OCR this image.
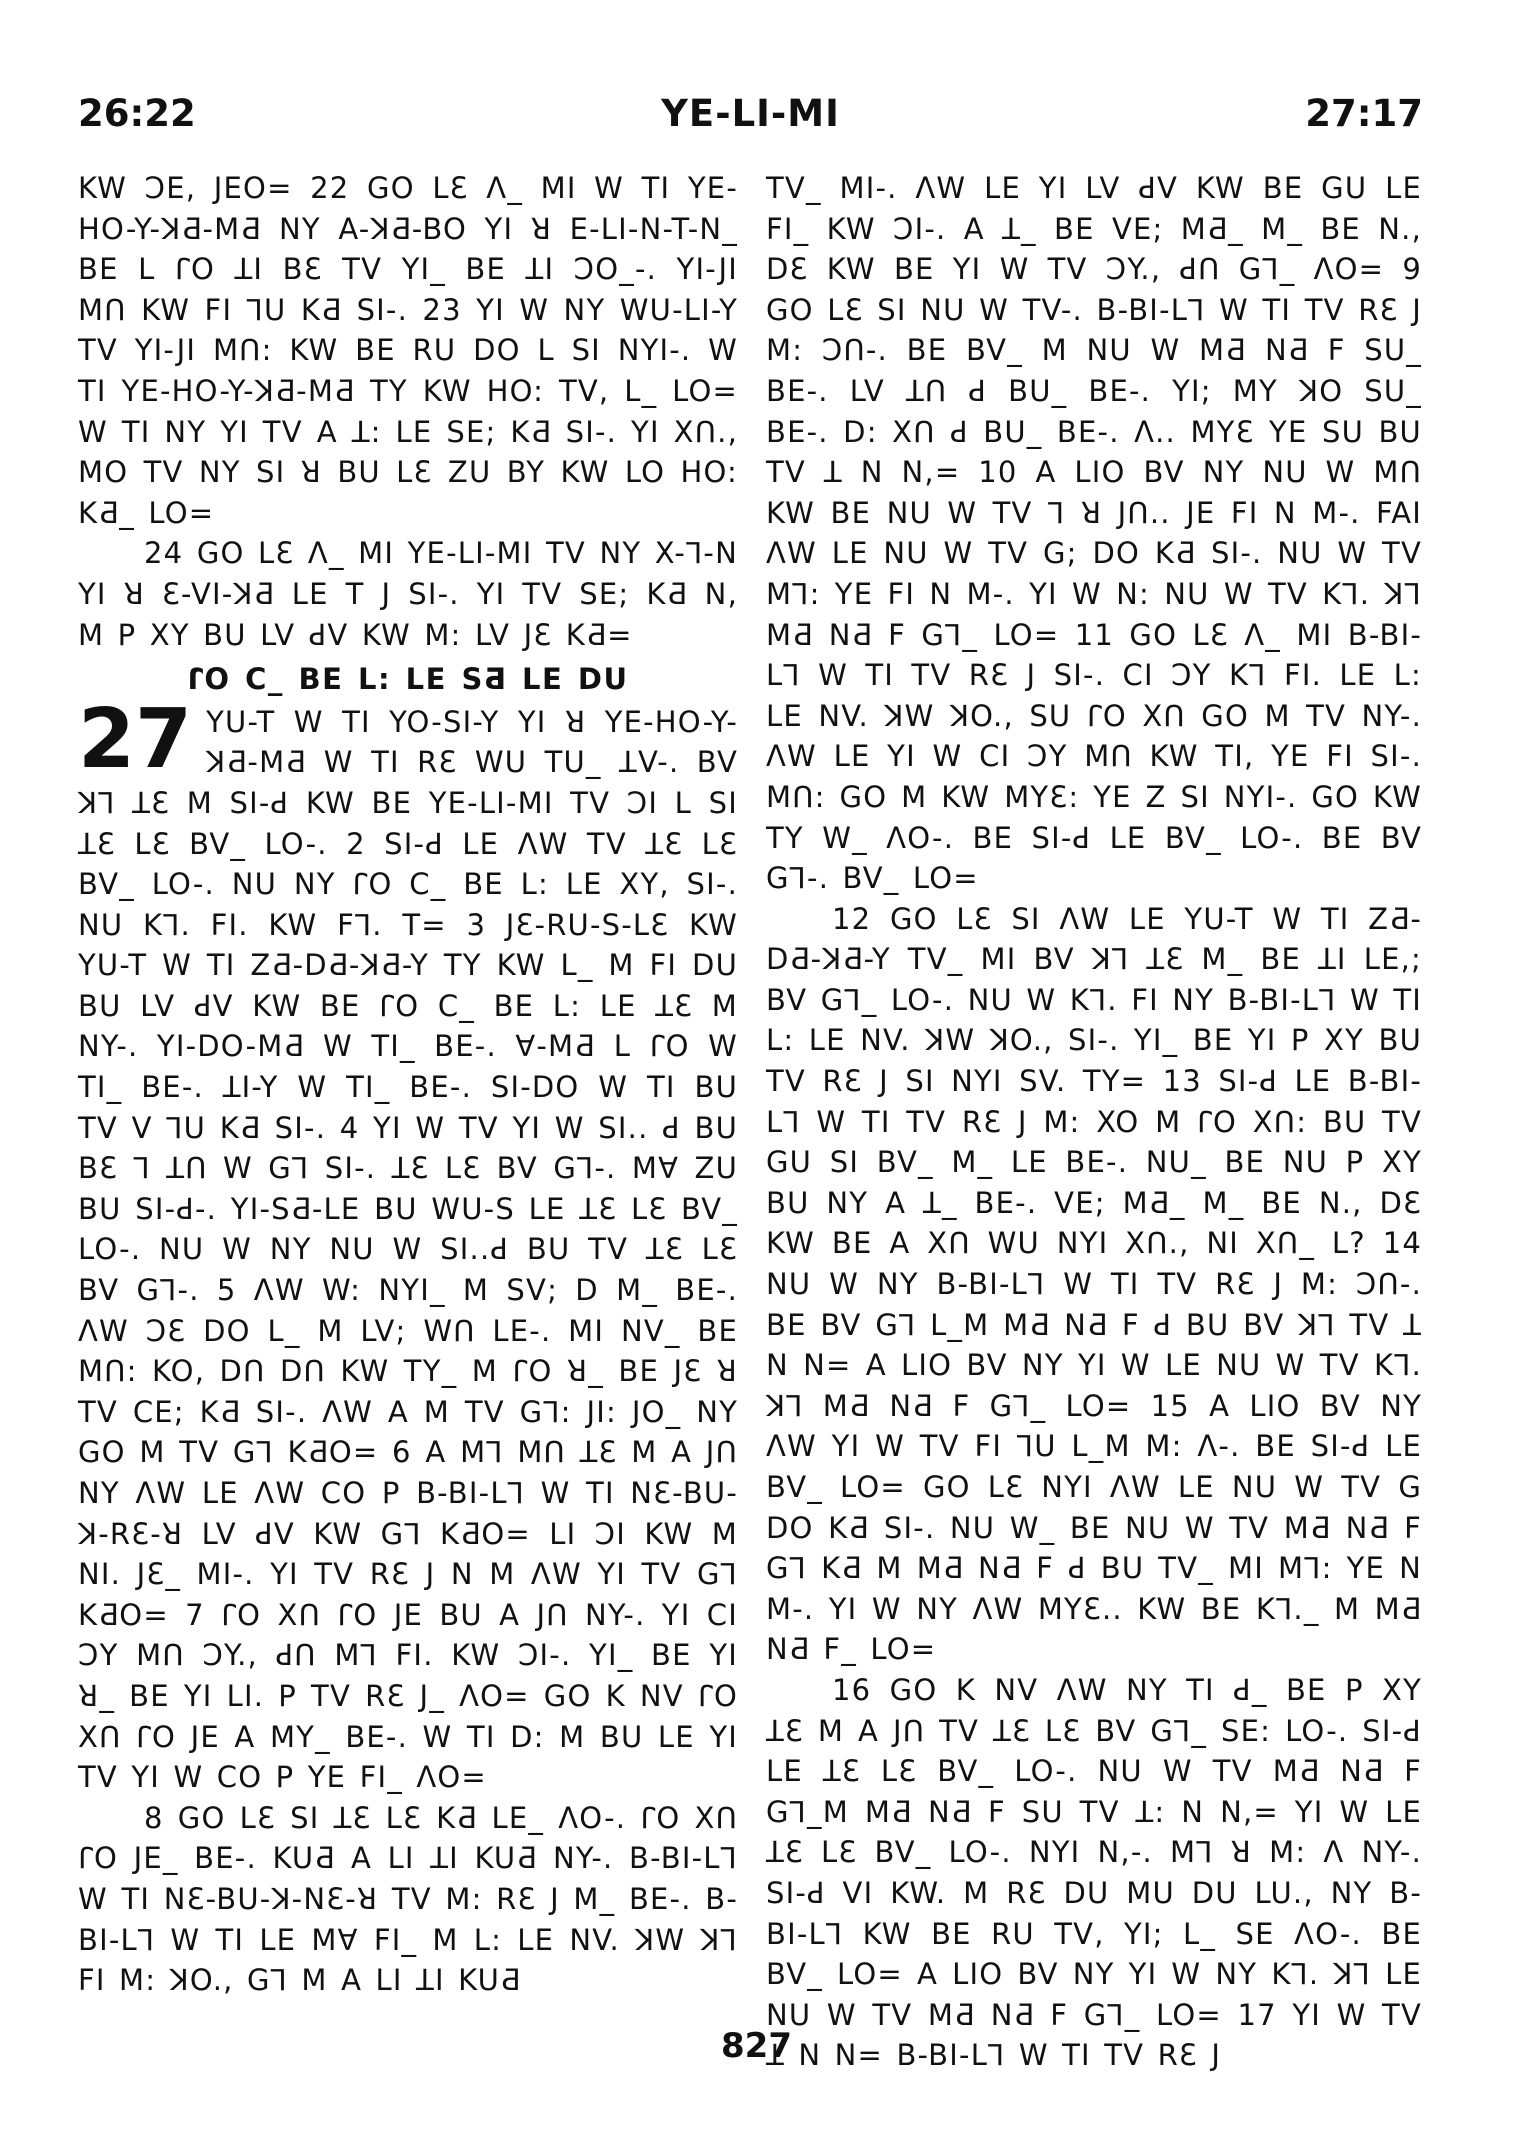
26:22	YE-LI-MI	27:17

KW ƆE, JEO= 22 GO LƐ Λ_ MI W TI YE-HO-Y-ꓘƋ-MƋ NY A-ꓘƋ-BO YI ꓤ E-LI-N-T-N_ BE L ꓩO ꓕI BƐ TV YI_ BE ꓕI ƆO_-. YI-JI Mꓵ KW FI ꓶU KƋ SI-. 23 YI W NY WU-LI-Y TV YI-JI Mꓵ: KW BE RU DO L SI NYI-. W TI YE-HO-Y-ꓘƋ-MƋ TY KW HO: TV, L_ LO= W TI NY YI TV A ꓕ: LE SE; KƋ SI-. YI Xꓵ., MO TV NY SI ꓤ BU LƐ ZU BY KW LO HO: KƋ_ LO=

24 GO LƐ Λ_ MI YE-LI-MI TV NY X-ꓶ-N YI ꓤ Ɛ-VI-ꓘƋ LE T J SI-. YI TV SE; KƋ N, M P XY BU LV ꓒV KW M: LV JƐ KƋ=

ꓩO C_ BE L: LE SƋ LE DU

27 YU-T W TI YO-SI-Y YI ꓤ YE-HO-Y-ꓘƋ-MƋ W TI RƐ WU TU_ ꓕV-. BV ꓘꓶ ꓕƐ M SI-ꓒ KW BE YE-LI-MI TV ƆI L SI ꓕƐ LƐ BV_ LO-. 2 SI-ꓒ LE ΛW TV ꓕƐ LƐ BV_ LO-. NU NY ꓩO C_ BE L: LE XY, SI-. NU Kꓶ. FI. KW Fꓶ. T= 3 JƐ-RU-S-LƐ KW YU-T W TI ZƋ-DƋ-ꓘƋ-Y TY KW L_ M FI DU BU LV ꓒV KW BE ꓩO C_ BE L: LE ꓕƐ M NY-. YI-DO-MƋ W TI_ BE-. ∀-MƋ L ꓩO W TI_ BE-. ꓕI-Y W TI_ BE-. SI-DO W TI BU TV V ꓶU KƋ SI-. 4 YI W TV YI W SI.. ꓒ BU BƐ ꓶ ꓕꓵ W Gꓶ SI-. ꓕƐ LƐ BV Gꓶ-. M∀ ZU BU SI-ꓒ-. YI-SƋ-LE BU WU-S LE ꓕƐ LƐ BV_ LO-. NU W NY NU W SI..ꓒ BU TV ꓕƐ LƐ BV Gꓶ-. 5 ΛW W: NYI_ M SV; D M_ BE-. ΛW ƆƐ DO L_ M LV; Wꓵ LE-. MI NV_ BE Mꓵ: KO, Dꓵ Dꓵ KW TY_ M ꓩO ꓤ_ BE JƐ ꓤ TV CE; KƋ SI-. ΛW A M TV Gꓶ: JI: JO_ NY GO M TV Gꓶ KƋO= 6 A Mꓶ Mꓵ ꓕƐ M A Jꓵ NY ΛW LE ΛW CO P B-BI-Lꓶ W TI NƐ-BU-ꓘ-RƐ-ꓤ LV ꓒV KW Gꓶ KƋO= LI ƆI KW M NI. JƐ_ MI-. YI TV RƐ J N M ΛW YI TV Gꓶ KƋO= 7 ꓩO Xꓵ ꓩO JE BU A Jꓵ NY-. YI CI ƆY Mꓵ ƆY., ꓒꓵ Mꓶ FI. KW ƆI-. YI_ BE YI ꓤ_ BE YI LI. P TV RƐ J_ ΛO= GO K NV ꓩO Xꓵ ꓩO JE A MY_ BE-. W TI D: M BU LE YI TV YI W CO P YE FI_ ΛO=

8 GO LƐ SI ꓕƐ LƐ KƋ LE_ ΛO-. ꓩO Xꓵ ꓩO JE_ BE-. KUƋ A LI ꓕI KUƋ NY-. B-BI-Lꓶ W TI NƐ-BU-ꓘ-NƐ-ꓤ TV M: RƐ J M_ BE-. B-BI-Lꓶ W TI LE M∀ FI_ M L: LE NV. ꓘW ꓘꓶ FI M: ꓘO., Gꓶ M A LI ꓕI KUƋ

TV_ MI-. ΛW LE YI LV ꓒV KW BE GU LE FI_ KW ƆI-. A ꓕ_ BE VE; MƋ_ M_ BE N., DƐ KW BE YI W TV ƆY., ꓒꓵ Gꓶ_ ΛO= 9 GO LƐ SI NU W TV-. B-BI-Lꓶ W TI TV RƐ J M: Ɔꓵ-. BE BV_ M NU W MƋ NƋ F SU_ BE-. LV ꓕꓵ ꓒ BU_ BE-. YI; MY ꓘO SU_ BE-. D: Xꓵ ꓒ BU_ BE-. Λ.. MYƐ YE SU BU TV ꓕ N N,= 10 A LIO BV NY NU W Mꓵ KW BE NU W TV ꓶ ꓤ Jꓵ.. JE FI N M-. FAI ΛW LE NU W TV G; DO KƋ SI-. NU W TV Mꓶ: YE FI N M-. YI W N: NU W TV Kꓶ. ꓘꓶ MƋ NƋ F Gꓶ_ LO= 11 GO LƐ Λ_ MI B-BI-Lꓶ W TI TV RƐ J SI-. CI ƆY Kꓶ FI. LE L: LE NV. ꓘW ꓘO., SU ꓩO Xꓵ GO M TV NY-. ΛW LE YI W CI ƆY Mꓵ KW TI, YE FI SI-. Mꓵ: GO M KW MYƐ: YE Z SI NYI-. GO KW TY W_ ΛO-. BE SI-ꓒ LE BV_ LO-. BE BV Gꓶ-. BV_ LO=

12 GO LƐ SI ΛW LE YU-T W TI ZƋ-DƋ-ꓘƋ-Y TV_ MI BV ꓘꓶ ꓕƐ M_ BE ꓕI LE,; BV Gꓶ_ LO-. NU W Kꓶ. FI NY B-BI-Lꓶ W TI L: LE NV. ꓘW ꓘO., SI-. YI_ BE YI P XY BU TV RƐ J SI NYI SV. TY= 13 SI-ꓒ LE B-BI-Lꓶ W TI TV RƐ J M: XO M ꓩO Xꓵ: BU TV GU SI BV_ M_ LE BE-. NU_ BE NU P XY BU NY A ꓕ_ BE-. VE; MƋ_ M_ BE N., DƐ KW BE A Xꓵ WU NYI Xꓵ., NI Xꓵ_ L? 14 NU W NY B-BI-Lꓶ W TI TV RƐ J M: Ɔꓵ-. BE BV Gꓶ L_M MƋ NƋ F ꓒ BU BV ꓘꓶ TV ꓕ N N= A LIO BV NY YI W LE NU W TV Kꓶ. ꓘꓶ MƋ NƋ F Gꓶ_ LO= 15 A LIO BV NY ΛW YI W TV FI ꓶU L_M M: Λ-. BE SI-ꓒ LE BV_ LO= GO LƐ NYI ΛW LE NU W TV G DO KƋ SI-. NU W_ BE NU W TV MƋ NƋ F Gꓶ KƋ M MƋ NƋ F ꓒ BU TV_ MI Mꓶ: YE N M-. YI W NY ΛW MYƐ.. KW BE Kꓶ._ M MƋ NƋ F_ LO=

16 GO K NV ΛW NY TI ꓒ_ BE P XY ꓕƐ M A Jꓵ TV ꓕƐ LƐ BV Gꓶ_ SE: LO-. SI-ꓒ LE ꓕƐ LƐ BV_ LO-. NU W TV MƋ NƋ F Gꓶ_M MƋ NƋ F SU TV ꓕ: N N,= YI W LE ꓕƐ LƐ BV_ LO-. NYI N,-. Mꓶ ꓤ M: Λ NY-. SI-ꓒ VI KW. M RƐ DU MU DU LU., NY B-BI-Lꓶ KW BE RU TV, YI; L_ SE ΛO-. BE BV_ LO= A LIO BV NY YI W NY Kꓶ. ꓘꓶ LE NU W TV MƋ NƋ F Gꓶ_ LO= 17 YI W TV ꓕ N N= B-BI-Lꓶ W TI TV RƐ J

827
